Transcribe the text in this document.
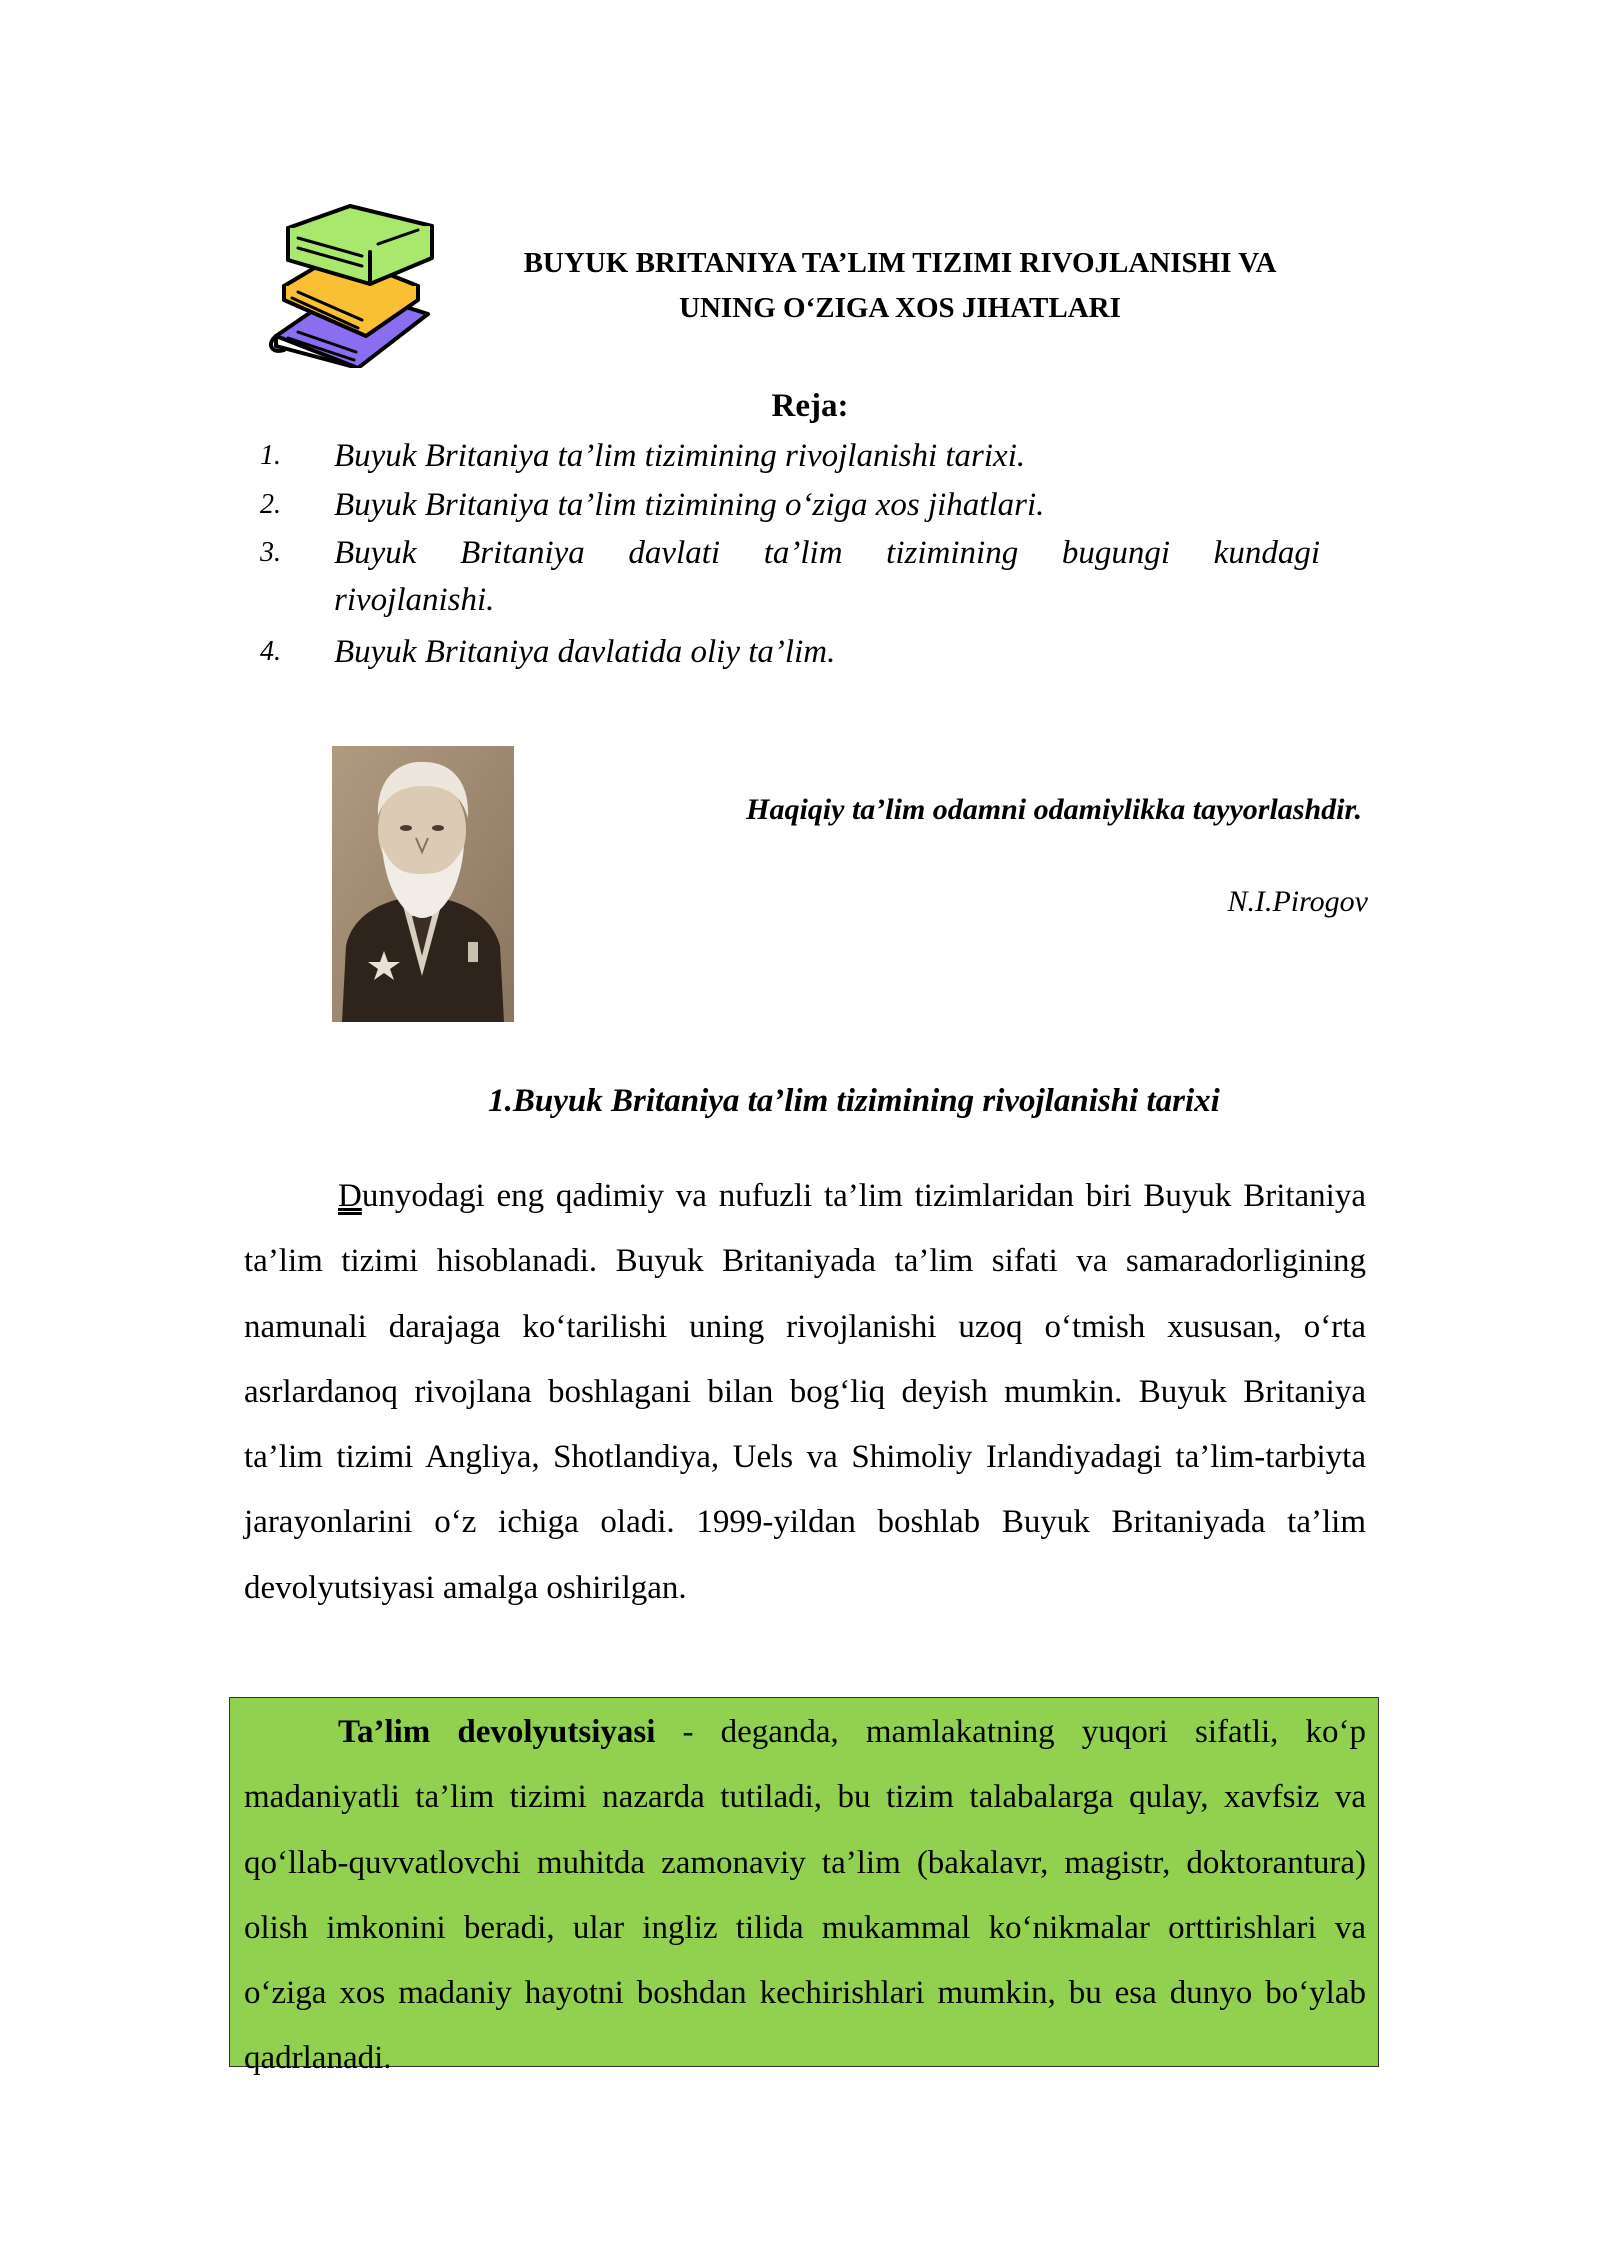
BUYUK BRITANIYA TA’LIM TIZIMI RIVOJLANISHI VA
UNING O‘ZIGA XOS JIHATLARI
Reja:
1. Buyuk Britaniya ta’lim tizimining rivojlanishi tarixi.
2. Buyuk Britaniya ta’lim tizimining o‘ziga xos jihatlari.
3. Buyuk Britaniya davlati ta’lim tizimining bugungi kundagi
rivojlanishi.
4. Buyuk Britaniya davlatida oliy ta’lim.
Haqiqiy ta’lim odamni odamiylikka tayyorlashdir.
N.I.Pirogov
1.Buyuk Britaniya ta’lim tizimining rivojlanishi tarixi
Dunyodagi eng qadimiy va nufuzli ta’lim tizimlaridan biri Buyuk Britaniya ta’lim tizimi hisoblanadi. Buyuk Britaniyada ta’lim sifati va samaradorligining namunali darajaga ko‘tarilishi uning rivojlanishi uzoq o‘tmish xususan, o‘rta asrlardanoq rivojlana boshlagani bilan bog‘liq deyish mumkin. Buyuk Britaniya ta’lim tizimi Angliya, Shotlandiya, Uels va Shimoliy Irlandiyadagi ta’lim-tarbiyta jarayonlarini o‘z ichiga oladi. 1999-yildan boshlab Buyuk Britaniyada ta’lim devolyutsiyasi amalga oshirilgan.
Ta’lim devolyutsiyasi - deganda, mamlakatning yuqori sifatli, ko‘p madaniyatli ta’lim tizimi nazarda tutiladi, bu tizim talabalarga qulay, xavfsiz va qo‘llab-quvvatlovchi muhitda zamonaviy ta’lim (bakalavr, magistr, doktorantura) olish imkonini beradi, ular ingliz tilida mukammal ko‘nikmalar orttirishlari va o‘ziga xos madaniy hayotni boshdan kechirishlari mumkin, bu esa dunyo bo‘ylab qadrlanadi.
